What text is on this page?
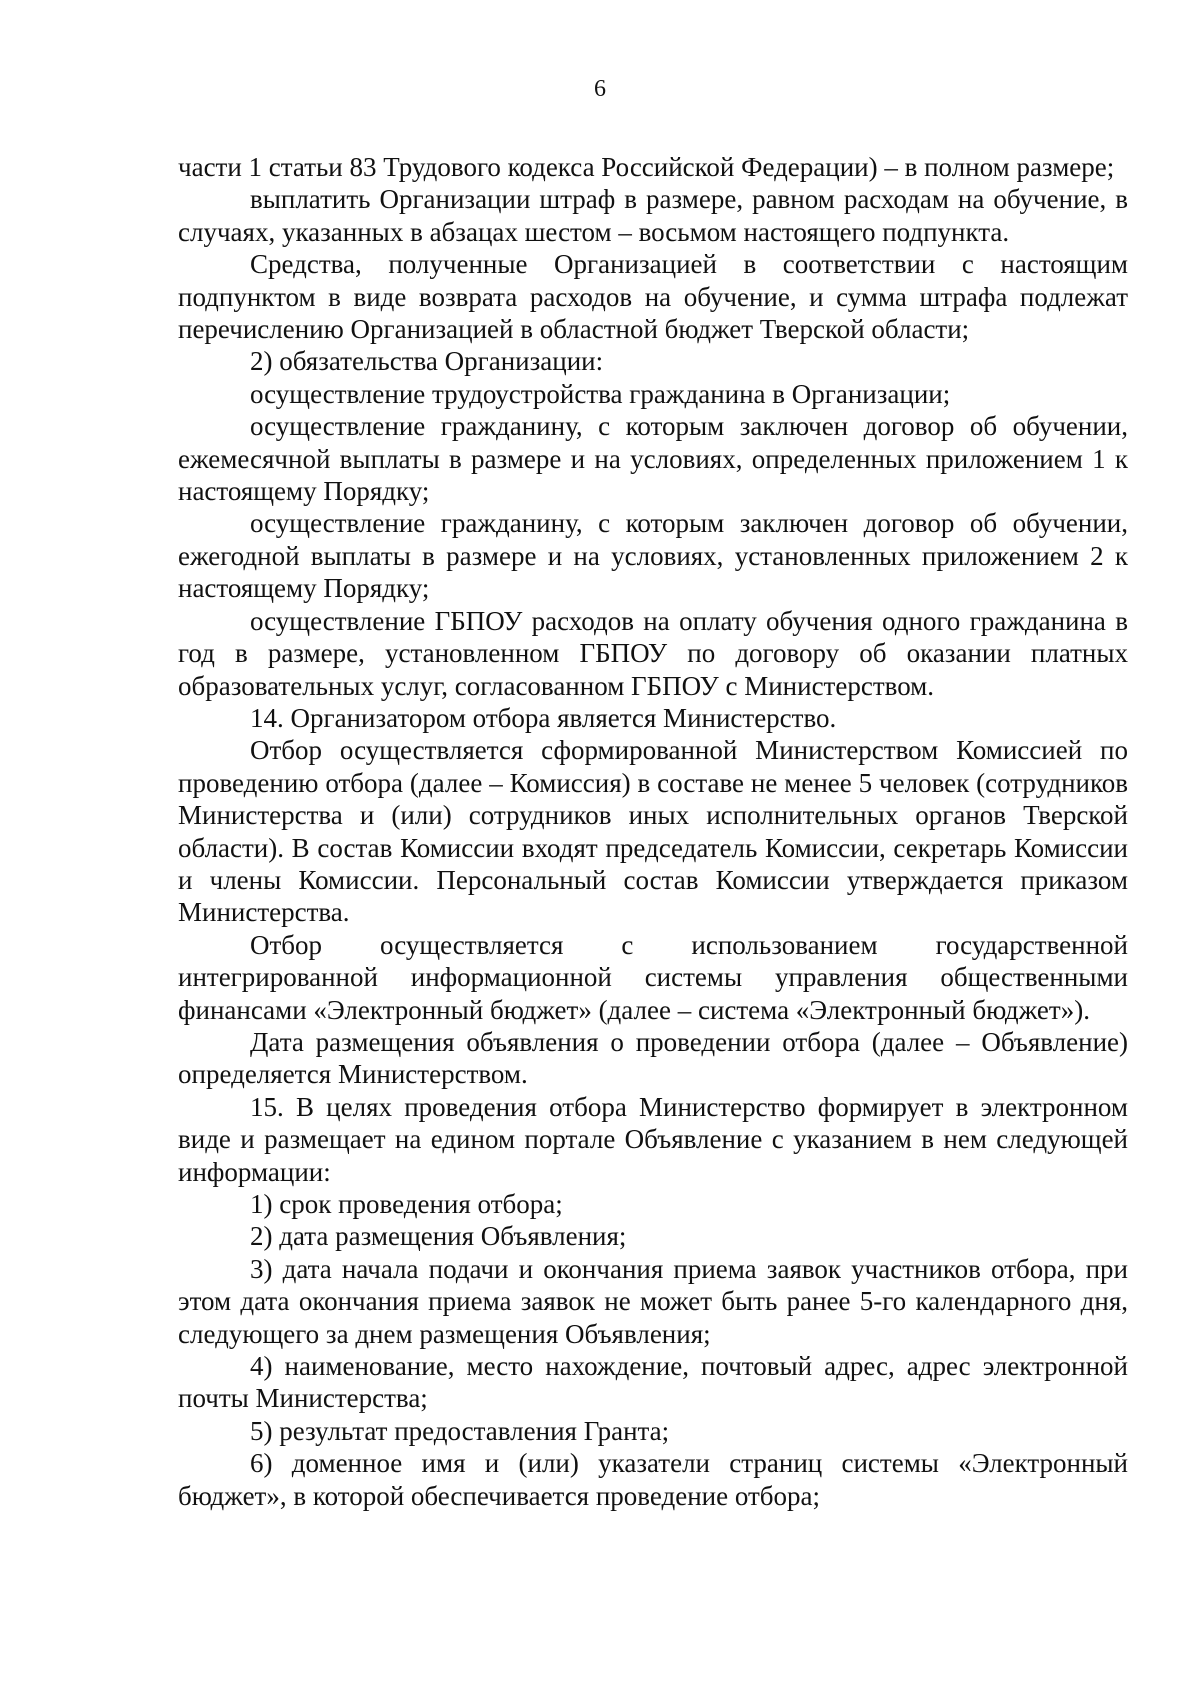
6

части 1 статьи 83 Трудового кодекса Российской Федерации) – в полном размере;

выплатить Организации штраф в размере, равном расходам на обучение, в случаях, указанных в абзацах шестом – восьмом настоящего подпункта.

Средства, полученные Организацией в соответствии с настоящим подпунктом в виде возврата расходов на обучение, и сумма штрафа подлежат перечислению Организацией в областной бюджет Тверской области;

2) обязательства Организации:

осуществление трудоустройства гражданина в Организации;

осуществление гражданину, с которым заключен договор об обучении, ежемесячной выплаты в размере и на условиях, определенных приложением 1 к настоящему Порядку;

осуществление гражданину, с которым заключен договор об обучении, ежегодной выплаты в размере и на условиях, установленных приложением 2 к настоящему Порядку;

осуществление ГБПОУ расходов на оплату обучения одного гражданина в год в размере, установленном ГБПОУ по договору об оказании платных образовательных услуг, согласованном ГБПОУ с Министерством.

14. Организатором отбора является Министерство.

Отбор осуществляется сформированной Министерством Комиссией по проведению отбора (далее – Комиссия) в составе не менее 5 человек (сотрудников Министерства и (или) сотрудников иных исполнительных органов Тверской области). В состав Комиссии входят председатель Комиссии, секретарь Комиссии и члены Комиссии. Персональный состав Комиссии утверждается приказом Министерства.

Отбор осуществляется с использованием государственной интегрированной информационной системы управления общественными финансами «Электронный бюджет» (далее – система «Электронный бюджет»).

Дата размещения объявления о проведении отбора (далее – Объявление) определяется Министерством.

15. В целях проведения отбора Министерство формирует в электронном виде и размещает на едином портале Объявление с указанием в нем следующей информации:

1) срок проведения отбора;

2) дата размещения Объявления;

3) дата начала подачи и окончания приема заявок участников отбора, при этом дата окончания приема заявок не может быть ранее 5-го календарного дня, следующего за днем размещения Объявления;

4) наименование, место нахождение, почтовый адрес, адрес электронной почты Министерства;

5) результат предоставления Гранта;

6) доменное имя и (или) указатели страниц системы «Электронный бюджет», в которой обеспечивается проведение отбора;
